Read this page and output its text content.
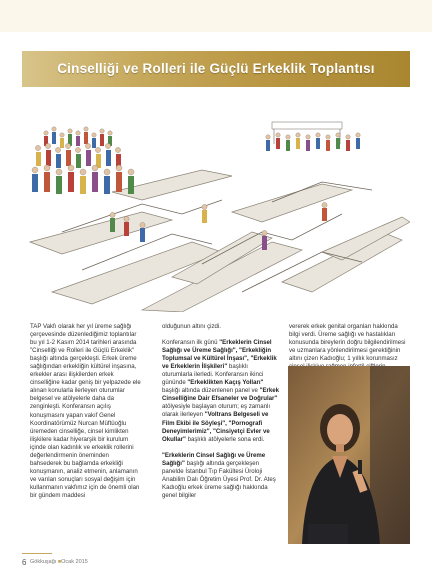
Cinselliği ve Rolleri ile Güçlü Erkeklik Toplantısı

TAP Vakfı olarak her yıl üreme sağlığı çerçevesinde düzenlediğimiz toplantılar bu yıl 1-2 Kasım 2014 tarihleri arasında "Cinselliği ve Rolleri ile Güçlü Erkeklik" başlığı altında gerçekleşti. Erkek üreme sağlığından erkekliğin kültürel inşasına, erkekler arası ilişkilerden erkek cinselliğine kadar geniş bir yelpazede ele alınan konularla ilerleyen oturumlar belgesel ve atölyelerle daha da zenginleşti. Konferansın açılış konuşmasını yapan vakıf Genel Koordinatörümüz Nurcan Müftüoğlu üremeden cinselliğe, cinsel kimlikten ilişkilere kadar hiyerarşik bir kurulum içinde olan kadınlık ve erkeklik rollerini değerlendirmenin öneminden bahsederek bu bağlamda erkekliği konuşmanın, analiz etmenin, anlamanın ve varılan sonuçları sosyal değişim için kullanmanın vakfımız için de önemli olan bir gündem maddesi

olduğunun altını çizdi.

Konferansın ilk günü "Erkeklerin Cinsel Sağlığı ve Üreme Sağlığı", "Erkekliğin Toplumsal ve Kültürel İnşası", "Erkeklik ve Erkeklerin İlişkileri" başlıklı oturumlarla ilerledi. Konferansın ikinci gününde "Erkeklikten Kaçış Yolları" başlığı altında düzenlenen panel ve "Erkek Cinselliğine Dair Efsaneler ve Doğrular" atölyesiyle başlayan oturum; eş zamanlı olarak ilerleyen "Voltrans Belgeseli ve Film Ekibi ile Söyleşi", "Pornografi Deneyimlerimiz", "Cinsiyetçi Evler ve Okullar" başlıklı atölyelerle sona erdi.

"Erkeklerin Cinsel Sağlığı ve Üreme Sağlığı" başlığı altında gerçekleşen panelde İstanbul Tıp Fakültesi Üroloji Anabilim Dalı Öğretim Üyesi Prof. Dr. Ateş Kadıoğlu erkek üreme sağlığı hakkında genel bilgiler

vererek erkek genital organları hakkında bilgi verdi. Üreme sağlığı ve hastalıkları konusunda bireylerin doğru bilgilendirilmesi ve uzmanlara yönlendirilmesi gerektiğinin altını çizen Kadıoğlu; 1 yıllık korunmasız

6 Gökkuşağı ■Ocak 2015
